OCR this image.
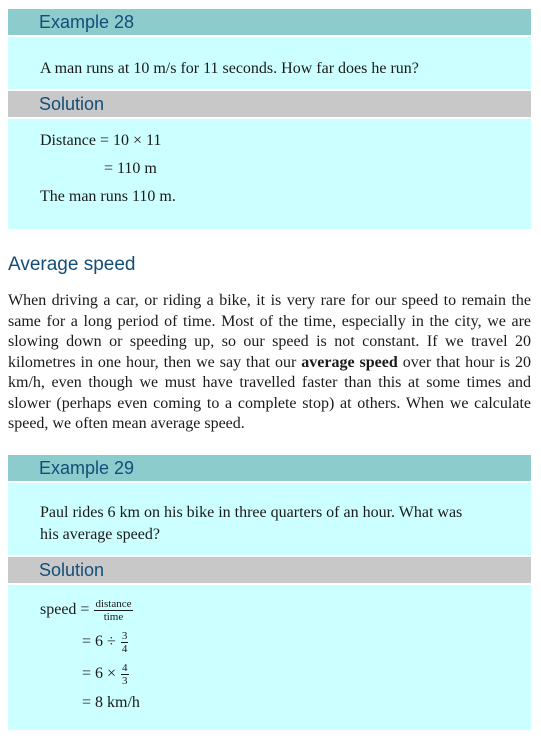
Example 28
A man runs at 10 m/s for 11 seconds. How far does he run?
Solution
Distance = 10 × 11
= 110 m
The man runs 110 m.
Average speed
When driving a car, or riding a bike, it is very rare for our speed to remain the same for a long period of time. Most of the time, especially in the city, we are slowing down or speeding up, so our speed is not constant. If we travel 20 kilometres in one hour, then we say that our average speed over that hour is 20 km/h, even though we must have travelled faster than this at some times and slower (perhaps even coming to a complete stop) at others. When we calculate speed, we often mean average speed.
Example 29
Paul rides 6 km on his bike in three quarters of an hour. What was
his average speed?
Solution
speed = $\frac{\text{distance}}{\text{time}}$
= $6 \div \frac{3}{4}$
= $6 \times \frac{4}{3}$
= 8 km/h
